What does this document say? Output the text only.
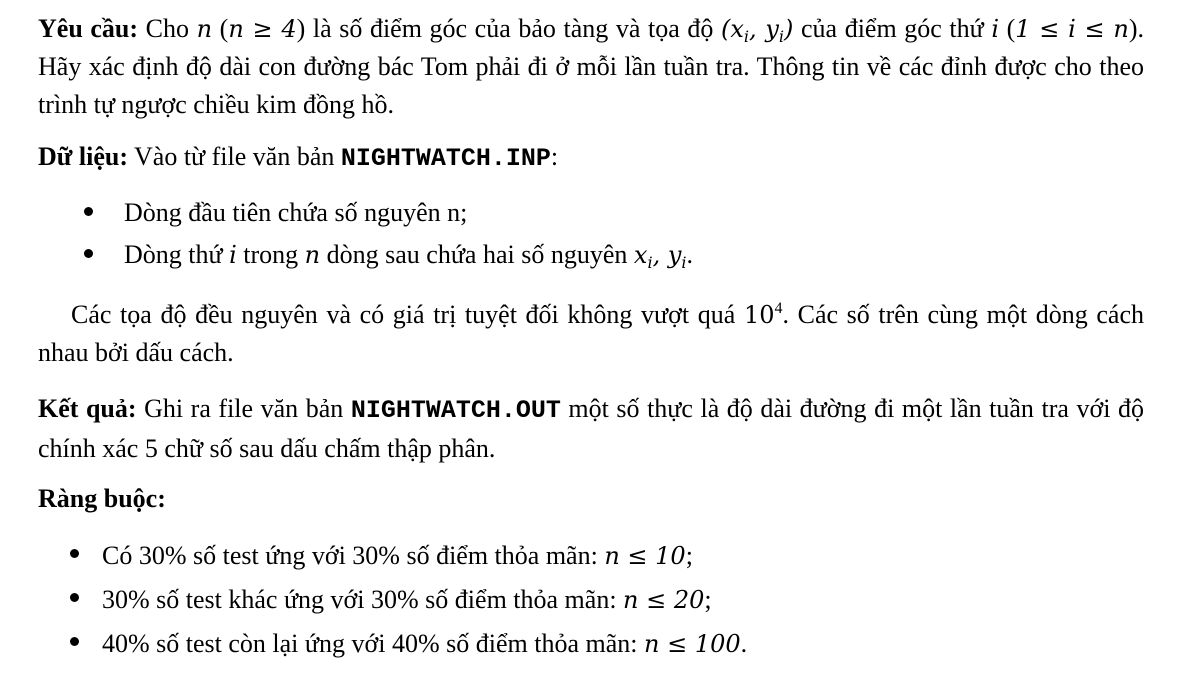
Yêu cầu: Cho n (n ≥ 4) là số điểm góc của bảo tàng và tọa độ ($x_i$, $y_i$) của điểm góc thứ i (1 ≤ i ≤ n). Hãy xác định độ dài con đường bác Tom phải đi ở mỗi lần tuần tra. Thông tin về các đỉnh được cho theo trình tự ngược chiều kim đồng hồ.

Dữ liệu: Vào từ file văn bản NIGHTWATCH.INP:

Dòng đầu tiên chứa số nguyên n;
Dòng thứ i trong n dòng sau chứa hai số nguyên $x_i$, $y_i$.

Các tọa độ đều nguyên và có giá trị tuyệt đối không vượt quá $10^4$. Các số trên cùng một dòng cách nhau bởi dấu cách.

Kết quả: Ghi ra file văn bản NIGHTWATCH.OUT một số thực là độ dài đường đi một lần tuần tra với độ chính xác 5 chữ số sau dấu chấm thập phân.

Ràng buộc:

Có 30% số test ứng với 30% số điểm thỏa mãn: n ≤ 10;
30% số test khác ứng với 30% số điểm thỏa mãn: n ≤ 20;
40% số test còn lại ứng với 40% số điểm thỏa mãn: n ≤ 100.
